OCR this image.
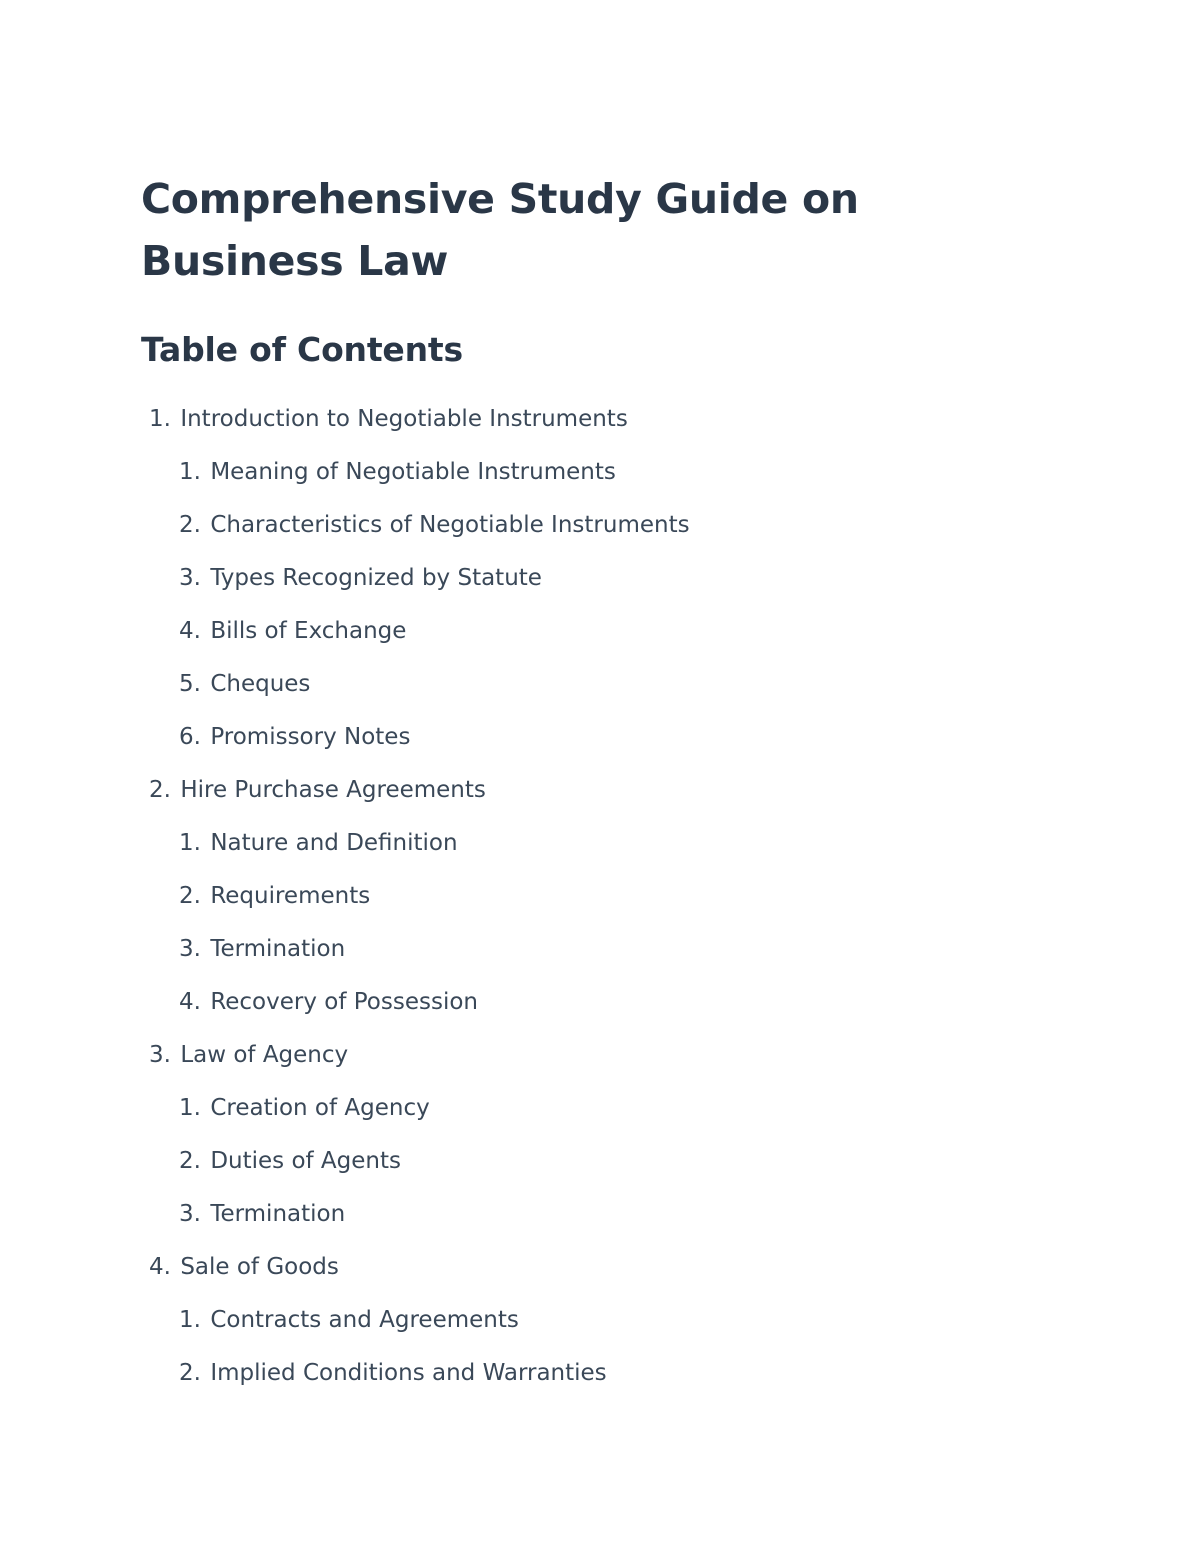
Comprehensive Study Guide on Business Law
Table of Contents
1. Introduction to Negotiable Instruments
1. Meaning of Negotiable Instruments
2. Characteristics of Negotiable Instruments
3. Types Recognized by Statute
4. Bills of Exchange
5. Cheques
6. Promissory Notes
2. Hire Purchase Agreements
1. Nature and Definition
2. Requirements
3. Termination
4. Recovery of Possession
3. Law of Agency
1. Creation of Agency
2. Duties of Agents
3. Termination
4. Sale of Goods
1. Contracts and Agreements
2. Implied Conditions and Warranties
